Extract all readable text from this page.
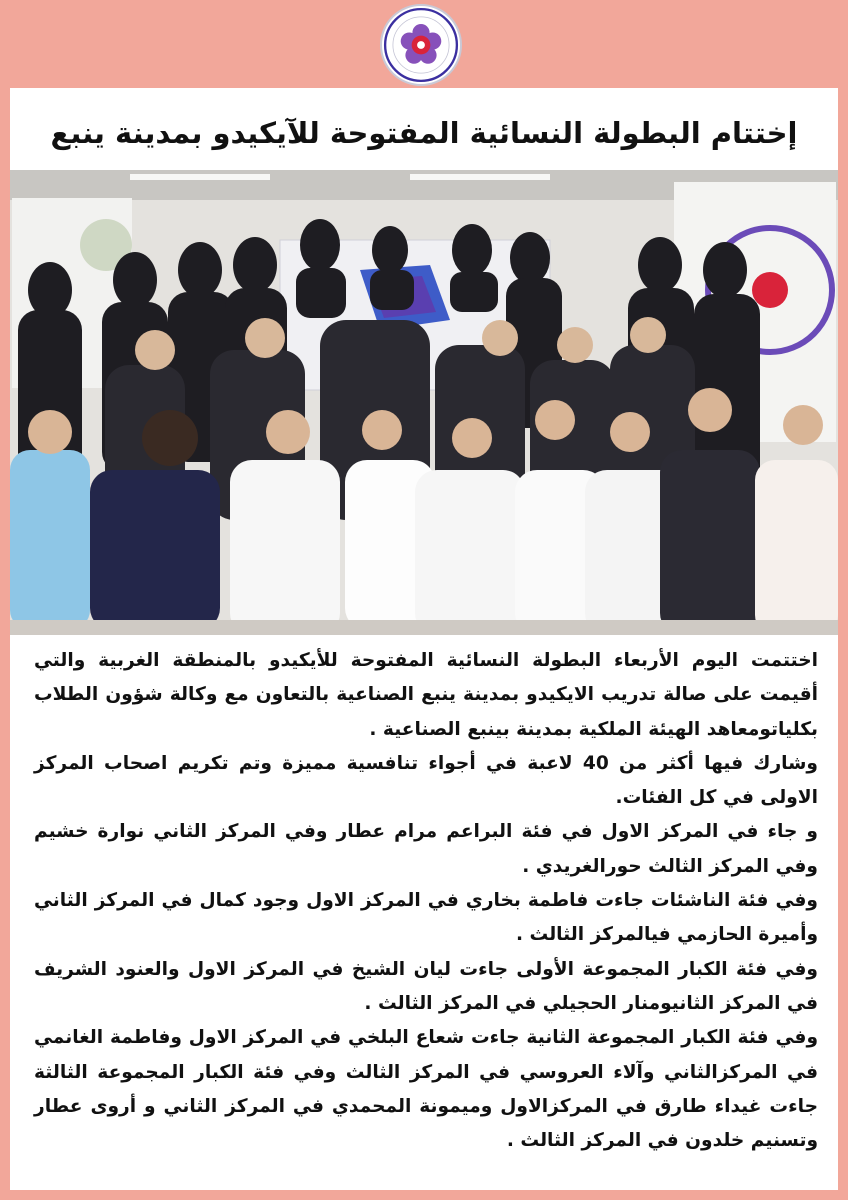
إختتام البطولة النسائية المفتوحة للآيكيدو بمدينة ينبع

اختتمت اليوم الأربعاء البطولة النسائية المفتوحة للأيكيدو بالمنطقة الغربية والتي أقيمت على صالة تدريب الايكيدو بمدينة ينبع الصناعية بالتعاون مع وكالة شؤون الطلاب بكلياتومعاهد الهيئة الملكية بمدينة بينبع الصناعية .

وشارك فيها أكثر من 40 لاعبة في أجواء تنافسية مميزة وتم تكريم اصحاب المركز الاولى في كل الفئات.

و جاء في المركز الاول في فئة البراعم مرام عطار وفي المركز الثاني نوارة خشيم وفي المركز الثالث حورالغريدي .

وفي فئة الناشئات جاءت فاطمة بخاري في المركز الاول وجود كمال في المركز الثاني وأميرة الحازمي فيالمركز الثالث .

وفي فئة الكبار المجموعة الأولى جاءت ليان الشيخ في المركز الاول والعنود الشريف في المركز الثانيومنار الحجيلي في المركز الثالث .

وفي فئة الكبار المجموعة الثانية جاءت شعاع البلخي في المركز الاول وفاطمة الغانمي في المركزالثاني وآلاء العروسي في المركز الثالث وفي فئة الكبار المجموعة الثالثة جاءت غيداء طارق في المركزالاول وميمونة المحمدي في المركز الثاني و أروى عطار وتسنيم خلدون في المركز الثالث .
